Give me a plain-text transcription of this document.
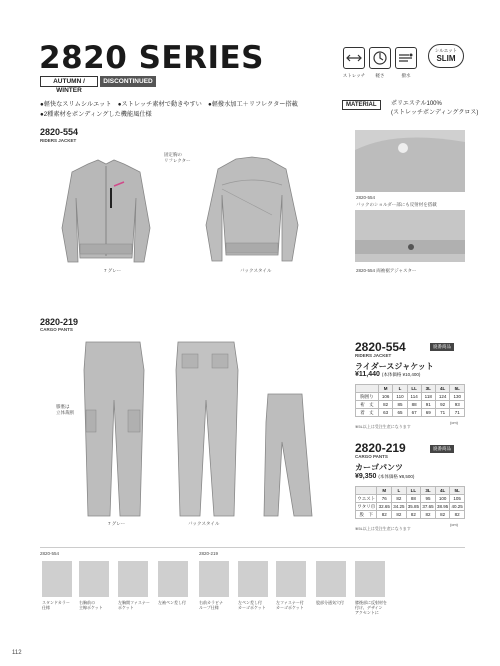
2820 SERIES
AUTUMN / WINTER
DISCONTINUED
ストレッチ	軽さ	撥水
シルエット
SLIM
●軽快なスリムシルエット　●ストレッチ素材で動きやすい　●軽撥水加工＋リフレクター搭載
●2種素材をボンディングした機能風仕様
MATERIAL ポリエステル100%
(ストレッチボンディングクロス)
2820-554
RIDERS JACKET
固定胸の
リフレクター
7 グレー	バックスタイル
2820-554
バックのショルダー部にも反射材を搭載
2820-554 両袖裾アジャスター
2820-219
CARGO PANTS
膝裏は
立体裁断
7 グレー	バックスタイル
廃番商品
2820-554
RIDERS JACKET
ライダースジャケット
¥11,440 (本体価格 ¥10,400)
	M	L	LL	3L	4L	5L
胸囲り	106	110	114	118	124	130
裄　丈	82	85	88	91	92	93
着　丈	63	65	67	69	71	71
(cm)
※5L以上は受注生産になります
廃番商品
2820-219
CARGO PANTS
カーゴパンツ
¥9,350 (本体価格 ¥8,500)
	M	L	LL	3L	4L	5L
ウエスト	76	82	88	95	100	105
ワタリ巾	32.65	34.25	35.85	37.65	38.95	40.25
股　下	82	82	82	82	82	82
(cm)
※5L以上は受注生産になります
2820-554	2820-219
スタンドカラー
仕様
右胸前の
主線ポケット
左胸開ファスナー
ポケット
左袖ペン差し付	右前カラビナ
ループ仕様
左ペン差し付
カーゴポケット
左ファスナー付
カーゴポケット
股部分通気穴付	膝後部に反射材を
付け、デザイン
アクセントに
112
